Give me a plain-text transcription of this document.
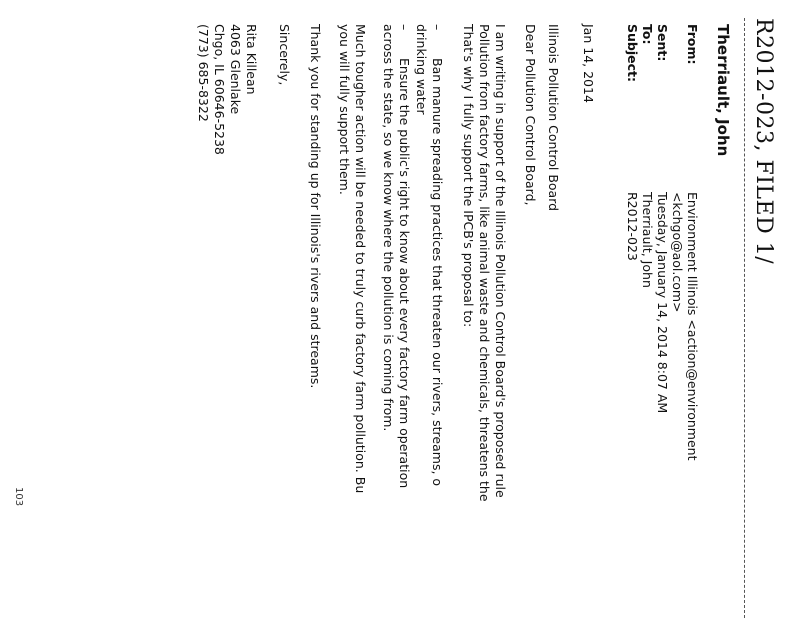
R2012-023, FILED 1/
Therriault, John
From:Environment Illinois <action@environment
<kchgo@aol.com>
Sent:Tuesday, January 14, 2014 8:07 AM
To:Therriault, John
Subject:R2012-023
Jan 14, 2014
Illinois Pollution Control Board
Dear Pollution Control Board,
I am writing in support of the Illinois Pollution Control Board's proposed rule
Pollution from factory farms, like animal waste and chemicals, threatens the
That's why I fully support the IPCB's proposal to:
–
Ban manure spreading practices that threaten our rivers, streams, o
drinking water
–
Ensure the public's right to know about every factory farm operation
across the state, so we know where the pollution is coming from.
Much tougher action will be needed to truly curb factory farm pollution. Bu
you will fully support them.
Thank you for standing up for Illinois's rivers and streams.
Sincerely,
Rita Killean
4063 Glenlake
Chgo, IL 60646-5238
(773) 685-8322
103
